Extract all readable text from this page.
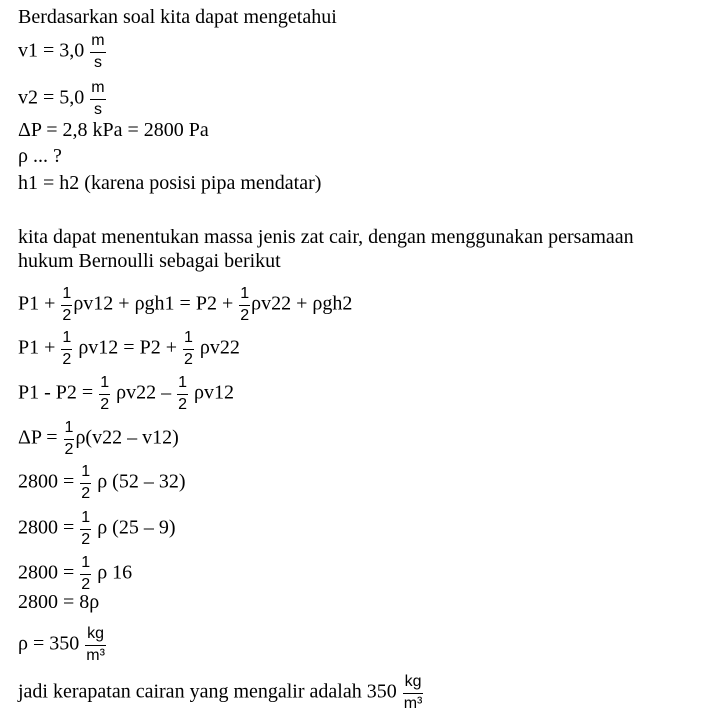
Berdasarkan soal kita dapat mengetahui
$v1 = 3,0 \frac{m}{s}$
$v2 = 5,0 \frac{m}{s}$
ΔP = 2,8 kPa = 2800 Pa
ρ ... ?
h1 = h2 (karena posisi pipa mendatar)
kita dapat menentukan massa jenis zat cair, dengan menggunakan persamaan
hukum Bernoulli sebagai berikut
$P1 + \frac{1}{2} \rho v12 + \rho gh1 = P2 + \frac{1}{2} \rho v22 + \rho gh2$
$P1 + \frac{1}{2} \rho v12 = P2 + \frac{1}{2} \rho v22$
$P1 - P2 = \frac{1}{2} \rho v22 - \frac{1}{2} \rho v12$
$\Delta P = \frac{1}{2} \rho(v22 - v12)$
$2800 = \frac{1}{2}$ ρ (52 – 32)
$2800 = \frac{1}{2}$ ρ (25 – 9)
$2800 = \frac{1}{2}$ ρ 16
2800 = 8ρ
$\rho = 350 \frac{kg}{\text{m³}}$
jadi kerapatan cairan yang mengalir adalah $350 \frac{kg}{\text{m³}}$
